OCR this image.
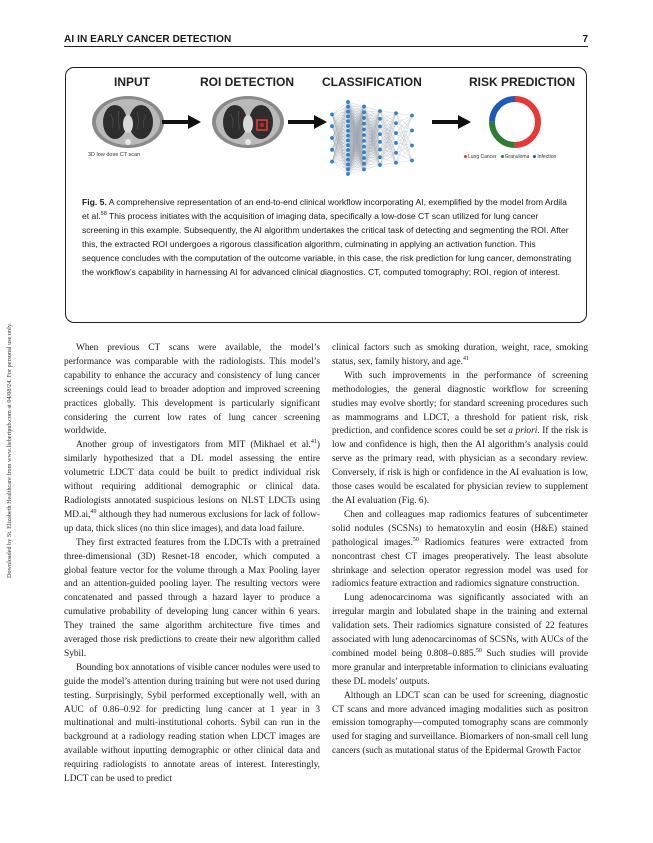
AI IN EARLY CANCER DETECTION	7
Downloaded by St. Elizabeth Healthcare from www.liebertpub.com at 04/08/24. For personal use only.
INPUT	ROI DETECTION	CLASSIFICATION	RISK PREDICTION
3D low dose CT scan	Lung Cancer	Granuloma	Infection
Fig. 5. A comprehensive representation of an end-to-end clinical workflow incorporating AI, exemplified by the model from Ardila et al.$^{58}$ This process initiates with the acquisition of imaging data, specifically a low-dose CT scan utilized for lung cancer screening in this example. Subsequently, the AI algorithm undertakes the critical task of detecting and segmenting the ROI. After this, the extracted ROI undergoes a rigorous classification algorithm, culminating in applying an activation function. This sequence concludes with the computation of the outcome variable, in this case, the risk prediction for lung cancer, demonstrating the workflow’s capability in harnessing AI for advanced clinical diagnostics. CT, computed tomography; ROI, region of interest.

When previous CT scans were available, the model’s performance was comparable with the radiologists. This model’s capability to enhance the accuracy and consistency of lung cancer screenings could lead to broader adoption and improved screening practices globally. This development is particularly significant considering the current low rates of lung cancer screening worldwide.

Another group of investigators from MIT (Mikhael et al.$^{41}$) similarly hypothesized that a DL model assessing the entire volumetric LDCT data could be built to predict individual risk without requiring additional demographic or clinical data. Radiologists annotated suspicious lesions on NLST LDCTs using MD.ai,$^{49}$ although they had numerous exclusions for lack of follow-up data, thick slices (no thin slice images), and data load failure.

They first extracted features from the LDCTs with a pretrained three-dimensional (3D) Resnet-18 encoder, which computed a global feature vector for the volume through a Max Pooling layer and an attention-guided pooling layer. The resulting vectors were concatenated and passed through a hazard layer to produce a cumulative probability of developing lung cancer within 6 years. They trained the same algorithm architecture five times and averaged those risk predictions to create their new algorithm called Sybil.

Bounding box annotations of visible cancer nodules were used to guide the model’s attention during training but were not used during testing. Surprisingly, Sybil performed exceptionally well, with an AUC of 0.86–0.92 for predicting lung cancer at 1 year in 3 multinational and multi-institutional cohorts. Sybil can run in the background at a radiology reading station when LDCT images are available without inputting demographic or other clinical data and requiring radiologists to annotate areas of interest. Interestingly, LDCT can be used to predict

clinical factors such as smoking duration, weight, race, smoking status, sex, family history, and age.$^{41}$

With such improvements in the performance of screening methodologies, the general diagnostic workflow for screening studies may evolve shortly; for standard screening procedures such as mammograms and LDCT, a threshold for patient risk, risk prediction, and confidence scores could be set a priori. If the risk is low and confidence is high, then the AI algorithm’s analysis could serve as the primary read, with physician as a secondary review. Conversely, if risk is high or confidence in the AI evaluation is low, those cases would be escalated for physician review to supplement the AI evaluation (Fig. 6).

Chen and colleagues map radiomics features of subcentimeter solid nodules (SCSNs) to hematoxylin and eosin (H&E) stained pathological images.$^{50}$ Radiomics features were extracted from noncontrast chest CT images preoperatively. The least absolute shrinkage and selection operator regression model was used for radiomics feature extraction and radiomics signature construction.

Lung adenocarcinoma was significantly associated with an irregular margin and lobulated shape in the training and external validation sets. Their radiomics signature consisted of 22 features associated with lung adenocarcinomas of SCSNs, with AUCs of the combined model being 0.808–0.885.50 Such studies will provide more granular and interpretable information to clinicians evaluating these DL models’ outputs.

Although an LDCT scan can be used for screening, diagnostic CT scans and more advanced imaging modalities such as positron emission tomography—computed tomography scans are commonly used for staging and surveillance. Biomarkers of non-small cell lung cancers (such as mutational status of the Epidermal Growth Factor
